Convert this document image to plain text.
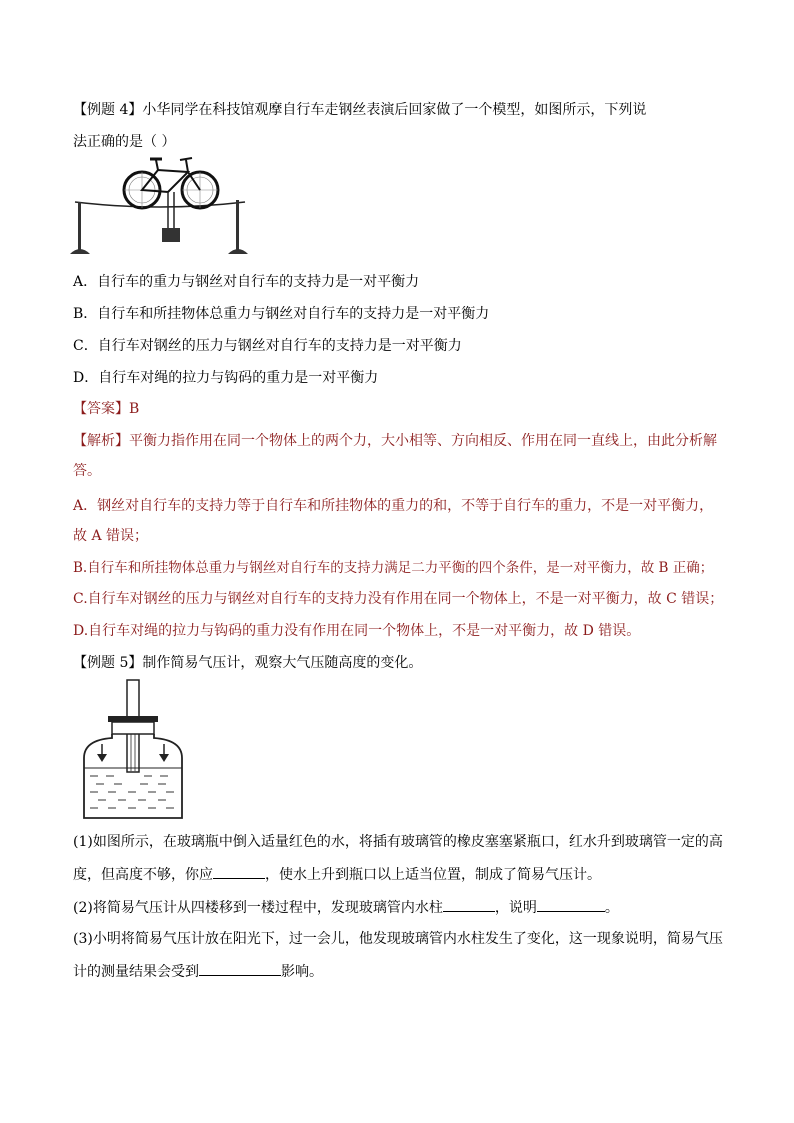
【例题 4】小华同学在科技馆观摩自行车走钢丝表演后回家做了一个模型，如图所示，下列说
法正确的是（ ）
A．自行车的重力与钢丝对自行车的支持力是一对平衡力
B．自行车和所挂物体总重力与钢丝对自行车的支持力是一对平衡力
C．自行车对钢丝的压力与钢丝对自行车的支持力是一对平衡力
D．自行车对绳的拉力与钩码的重力是一对平衡力
【答案】B
【解析】平衡力指作用在同一个物体上的两个力，大小相等、方向相反、作用在同一直线上，由此分析解
答。
A．钢丝对自行车的支持力等于自行车和所挂物体的重力的和，不等于自行车的重力，不是一对平衡力，
故 A 错误；
B.自行车和所挂物体总重力与钢丝对自行车的支持力满足二力平衡的四个条件，是一对平衡力，故 B 正确；
C.自行车对钢丝的压力与钢丝对自行车的支持力没有作用在同一个物体上，不是一对平衡力，故 C 错误；
D.自行车对绳的拉力与钩码的重力没有作用在同一个物体上，不是一对平衡力，故 D 错误。
【例题 5】制作简易气压计，观察大气压随高度的变化。
(1)如图所示，在玻璃瓶中倒入适量红色的水，将插有玻璃管的橡皮塞塞紧瓶口，红水升到玻璃管一定的高
度，但高度不够，你应	，使水上升到瓶口以上适当位置，制成了简易气压计。
(2)将简易气压计从四楼移到一楼过程中，发现玻璃管内水柱	，说明	。
(3)小明将简易气压计放在阳光下，过一会儿，他发现玻璃管内水柱发生了变化，这一现象说明，简易气压
计的测量结果会受到	影响。
